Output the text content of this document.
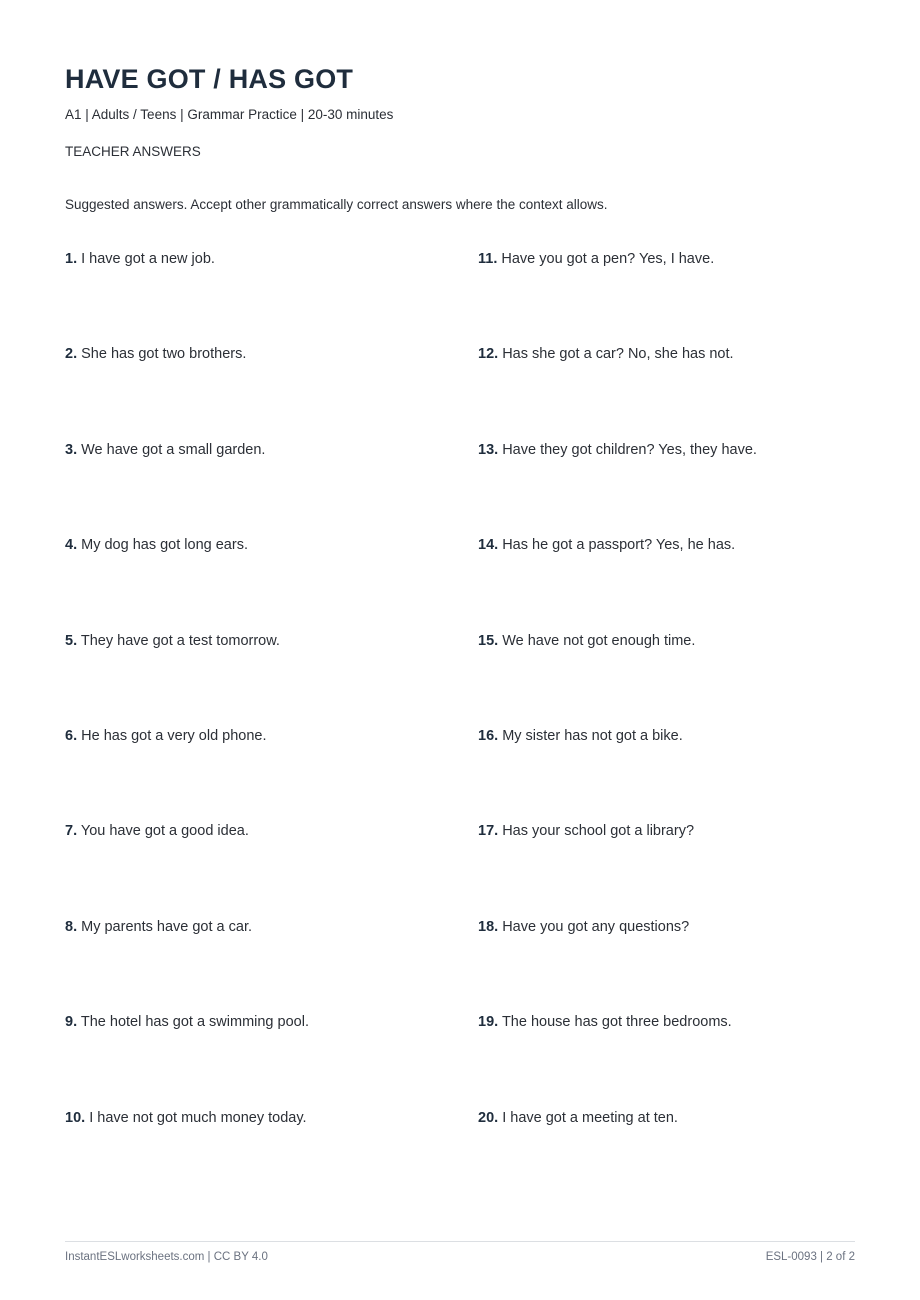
HAVE GOT / HAS GOT
A1 | Adults / Teens | Grammar Practice | 20-30 minutes
TEACHER ANSWERS
Suggested answers. Accept other grammatically correct answers where the context allows.
1. I have got a new job.
2. She has got two brothers.
3. We have got a small garden.
4. My dog has got long ears.
5. They have got a test tomorrow.
6. He has got a very old phone.
7. You have got a good idea.
8. My parents have got a car.
9. The hotel has got a swimming pool.
10. I have not got much money today.
11. Have you got a pen? Yes, I have.
12. Has she got a car? No, she has not.
13. Have they got children? Yes, they have.
14. Has he got a passport? Yes, he has.
15. We have not got enough time.
16. My sister has not got a bike.
17. Has your school got a library?
18. Have you got any questions?
19. The house has got three bedrooms.
20. I have got a meeting at ten.
InstantESLworksheets.com | CC BY 4.0	ESL-0093 | 2 of 2
